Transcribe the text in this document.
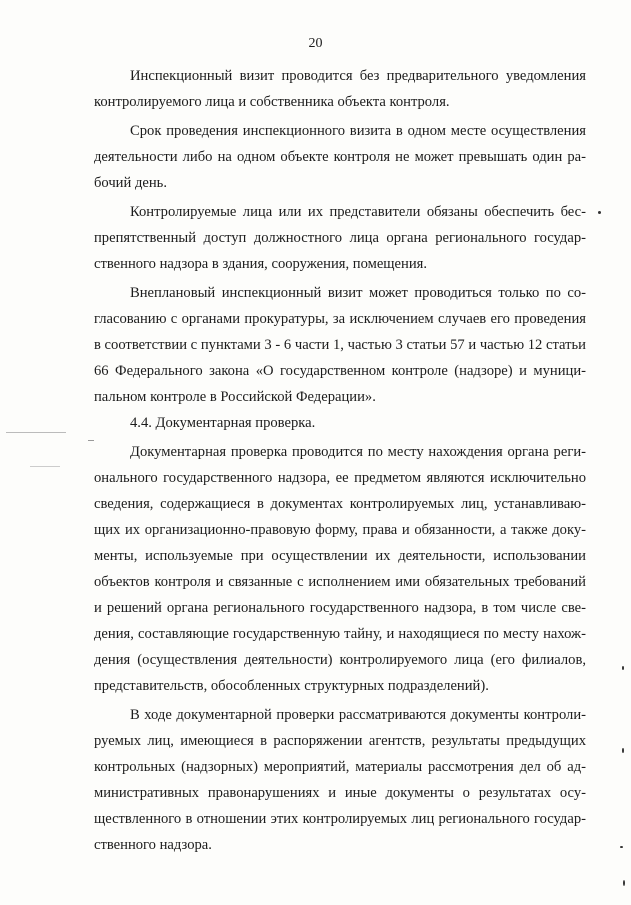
20
Инспекционный визит проводится без предварительного уведомления
контролируемого лица и собственника объекта контроля.
Срок проведения инспекционного визита в одном месте осуществления
деятельности либо на одном объекте контроля не может превышать один ра-
бочий день.
Контролируемые лица или их представители обязаны обеспечить бес-
препятственный доступ должностного лица органа регионального государ-
ственного надзора в здания, сооружения, помещения.
Внеплановый инспекционный визит может проводиться только по со-
гласованию с органами прокуратуры, за исключением случаев его проведения
в соответствии с пунктами 3 - 6 части 1, частью 3 статьи 57 и частью 12 статьи
66 Федерального закона «О государственном контроле (надзоре) и муници-
пальном контроле в Российской Федерации».
4.4. Документарная проверка.
Документарная проверка проводится по месту нахождения органа реги-
онального государственного надзора, ее предметом являются исключительно
сведения, содержащиеся в документах контролируемых лиц, устанавливаю-
щих их организационно-правовую форму, права и обязанности, а также доку-
менты, используемые при осуществлении их деятельности, использовании
объектов контроля и связанные с исполнением ими обязательных требований
и решений органа регионального государственного надзора, в том числе све-
дения, составляющие государственную тайну, и находящиеся по месту нахож-
дения (осуществления деятельности) контролируемого лица (его филиалов,
представительств, обособленных структурных подразделений).
В ходе документарной проверки рассматриваются документы контроли-
руемых лиц, имеющиеся в распоряжении агентств, результаты предыдущих
контрольных (надзорных) мероприятий, материалы рассмотрения дел об ад-
министративных правонарушениях и иные документы о результатах осу-
ществленного в отношении этих контролируемых лиц регионального государ-
ственного надзора.
